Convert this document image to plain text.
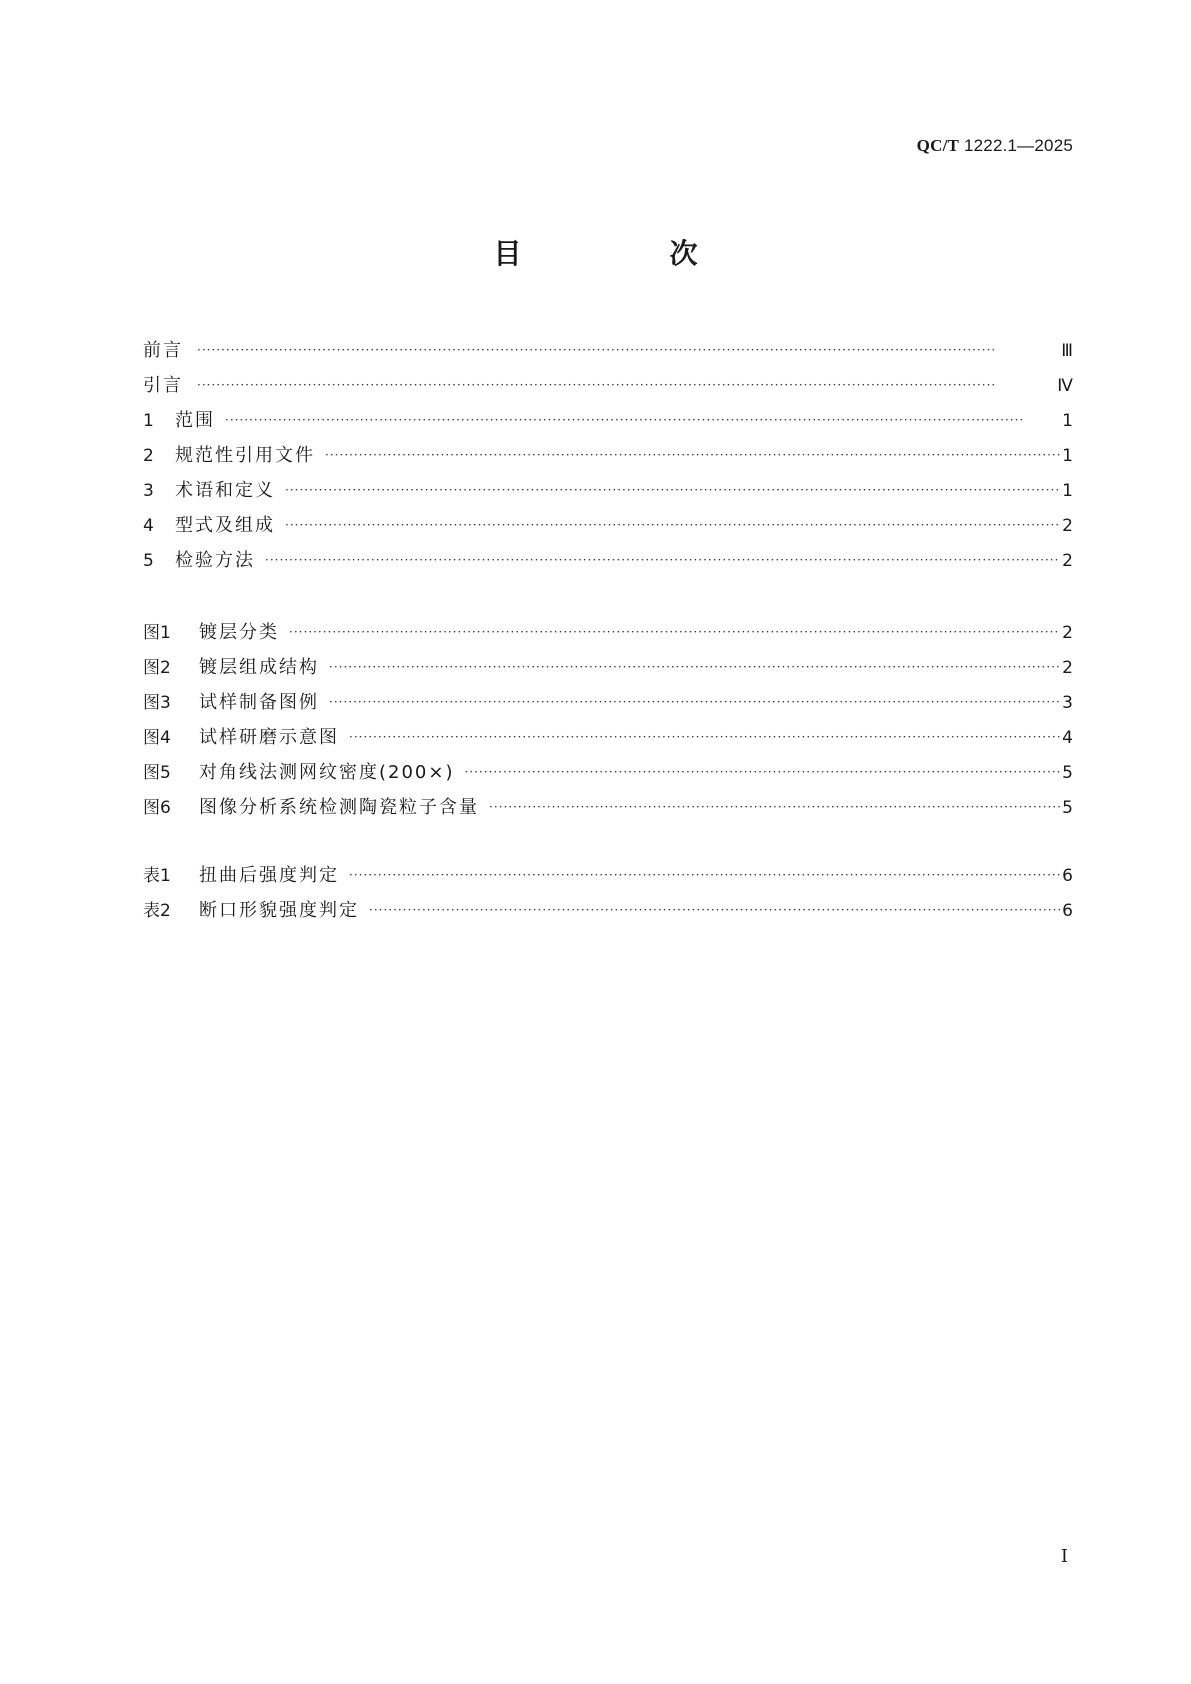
QC/T 1222.1—2025
目　次
前言 ·····	Ⅲ
引言 ·····	Ⅳ
1	范围 ·····	1
2	规范性引用文件 ·····	1
3	术语和定义 ·····	1
4	型式及组成 ·····	2
5	检验方法 ·····	2
图1	镀层分类 ·····	2
图2	镀层组成结构 ·····	2
图3	试样制备图例 ·····	3
图4	试样研磨示意图 ·····	4
图5	对角线法测网纹密度(200×) ·····	5
图6	图像分析系统检测陶瓷粒子含量 ·····	5
表1	扭曲后强度判定 ·····	6
表2	断口形貌强度判定 ·····	6
Ⅰ
